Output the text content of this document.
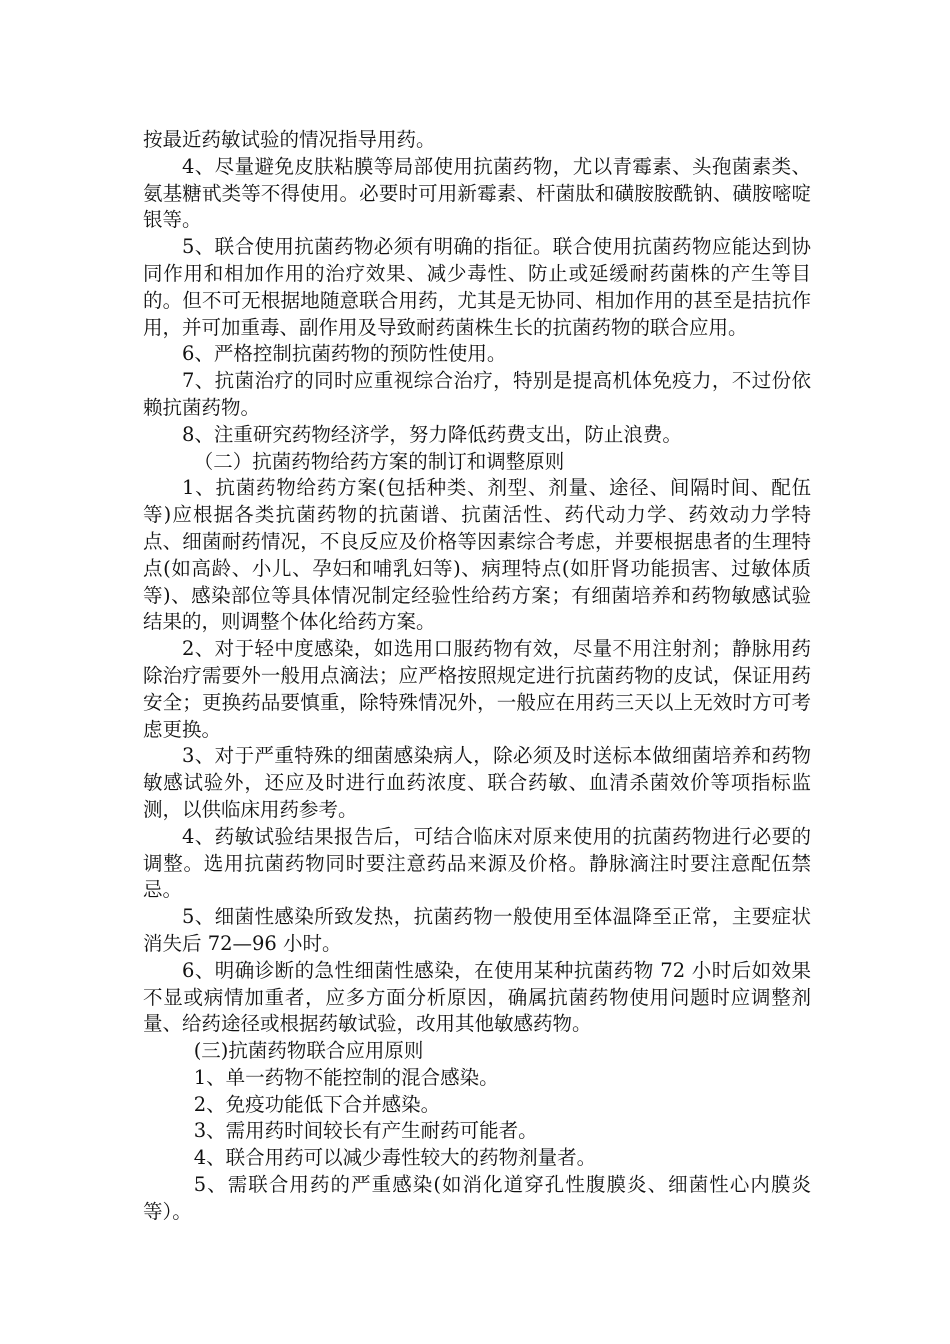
按最近药敏试验的情况指导用药。

4、尽量避免皮肤粘膜等局部使用抗菌药物，尤以青霉素、头孢菌素类、氨基糖甙类等不得使用。必要时可用新霉素、杆菌肽和磺胺胺酰钠、磺胺嘧啶银等。

5、联合使用抗菌药物必须有明确的指征。联合使用抗菌药物应能达到协同作用和相加作用的治疗效果、减少毒性、防止或延缓耐药菌株的产生等目的。但不可无根据地随意联合用药，尤其是无协同、相加作用的甚至是拮抗作用，并可加重毒、副作用及导致耐药菌株生长的抗菌药物的联合应用。

6、严格控制抗菌药物的预防性使用。

7、抗菌治疗的同时应重视综合治疗，特别是提高机体免疫力，不过份依赖抗菌药物。

8、注重研究药物经济学，努力降低药费支出，防止浪费。

（二）抗菌药物给药方案的制订和调整原则

1、抗菌药物给药方案(包括种类、剂型、剂量、途径、间隔时间、配伍等)应根据各类抗菌药物的抗菌谱、抗菌活性、药代动力学、药效动力学特点、细菌耐药情况，不良反应及价格等因素综合考虑，并要根据患者的生理特点(如高龄、小儿、孕妇和哺乳妇等)、病理特点(如肝肾功能损害、过敏体质等)、感染部位等具体情况制定经验性给药方案；有细菌培养和药物敏感试验结果的，则调整个体化给药方案。

2、对于轻中度感染，如选用口服药物有效，尽量不用注射剂；静脉用药除治疗需要外一般用点滴法；应严格按照规定进行抗菌药物的皮试，保证用药安全；更换药品要慎重，除特殊情况外，一般应在用药三天以上无效时方可考虑更换。

3、对于严重特殊的细菌感染病人，除必须及时送标本做细菌培养和药物敏感试验外，还应及时进行血药浓度、联合药敏、血清杀菌效价等项指标监测，以供临床用药参考。

4、药敏试验结果报告后，可结合临床对原来使用的抗菌药物进行必要的调整。选用抗菌药物同时要注意药品来源及价格。静脉滴注时要注意配伍禁忌。

5、细菌性感染所致发热，抗菌药物一般使用至体温降至正常，主要症状消失后 72—96 小时。

6、明确诊断的急性细菌性感染，在使用某种抗菌药物 72 小时后如效果不显或病情加重者，应多方面分析原因，确属抗菌药物使用问题时应调整剂量、给药途径或根据药敏试验，改用其他敏感药物。

(三)抗菌药物联合应用原则

1、单一药物不能控制的混合感染。

2、免疫功能低下合并感染。

3、需用药时间较长有产生耐药可能者。

4、联合用药可以减少毒性较大的药物剂量者。

5、需联合用药的严重感染(如消化道穿孔性腹膜炎、细菌性心内膜炎等）。
